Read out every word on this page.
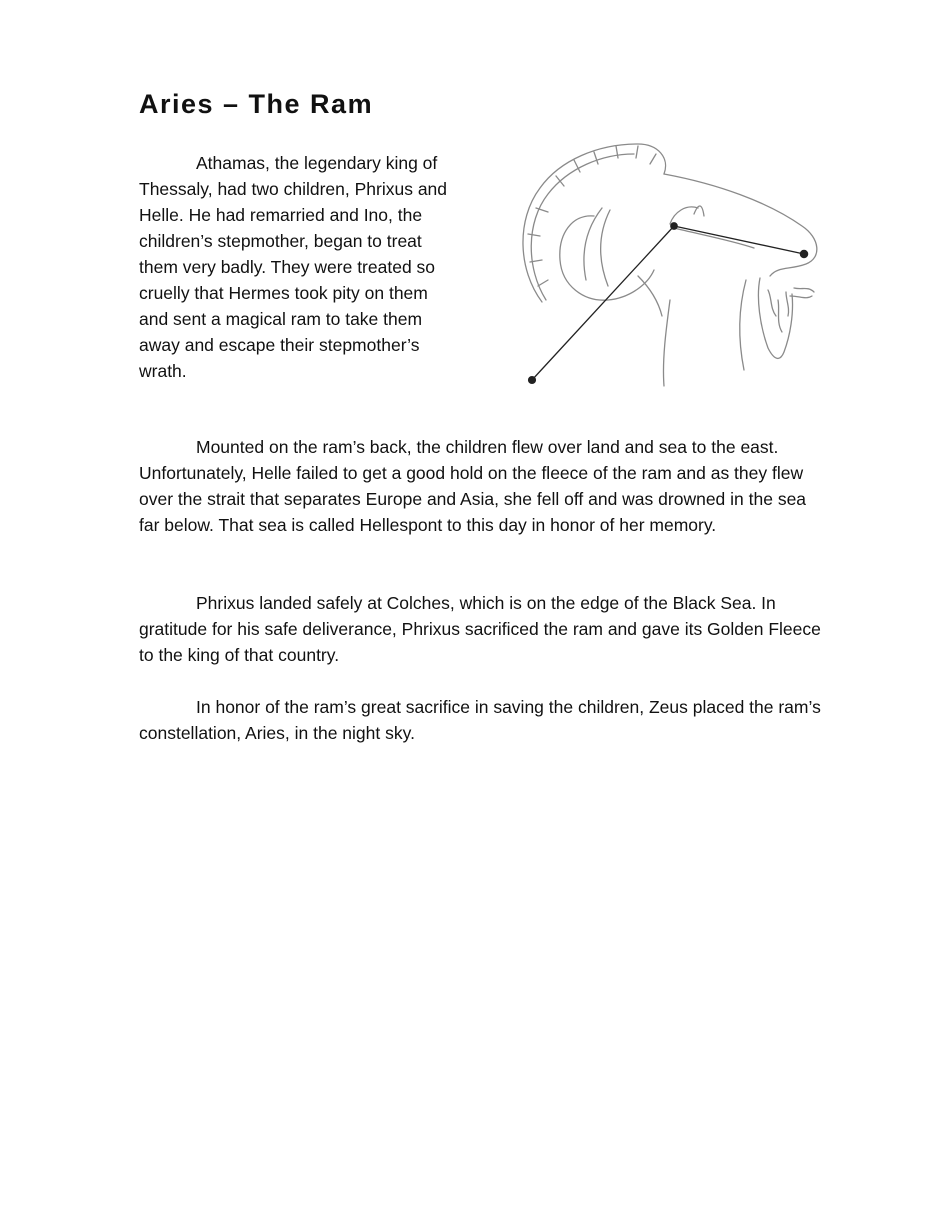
Aries – The Ram

Athamas, the legendary king of Thessaly, had two children, Phrixus and Helle. He had remarried and Ino, the children’s stepmother, began to treat them very badly. They were treated so cruelly that Hermes took pity on them and sent a magical ram to take them away and escape their stepmother’s wrath.

Mounted on the ram’s back, the children flew over land and sea to the east. Unfortunately, Helle failed to get a good hold on the fleece of the ram and as they flew over the strait that separates Europe and Asia, she fell off and was drowned in the sea far below. That sea is called Hellespont to this day in honor of her memory.

Phrixus landed safely at Colches, which is on the edge of the Black Sea. In gratitude for his safe deliverance, Phrixus sacrificed the ram and gave its Golden Fleece to the king of that country.

In honor of the ram’s great sacrifice in saving the children, Zeus placed the ram’s constellation, Aries, in the night sky.
